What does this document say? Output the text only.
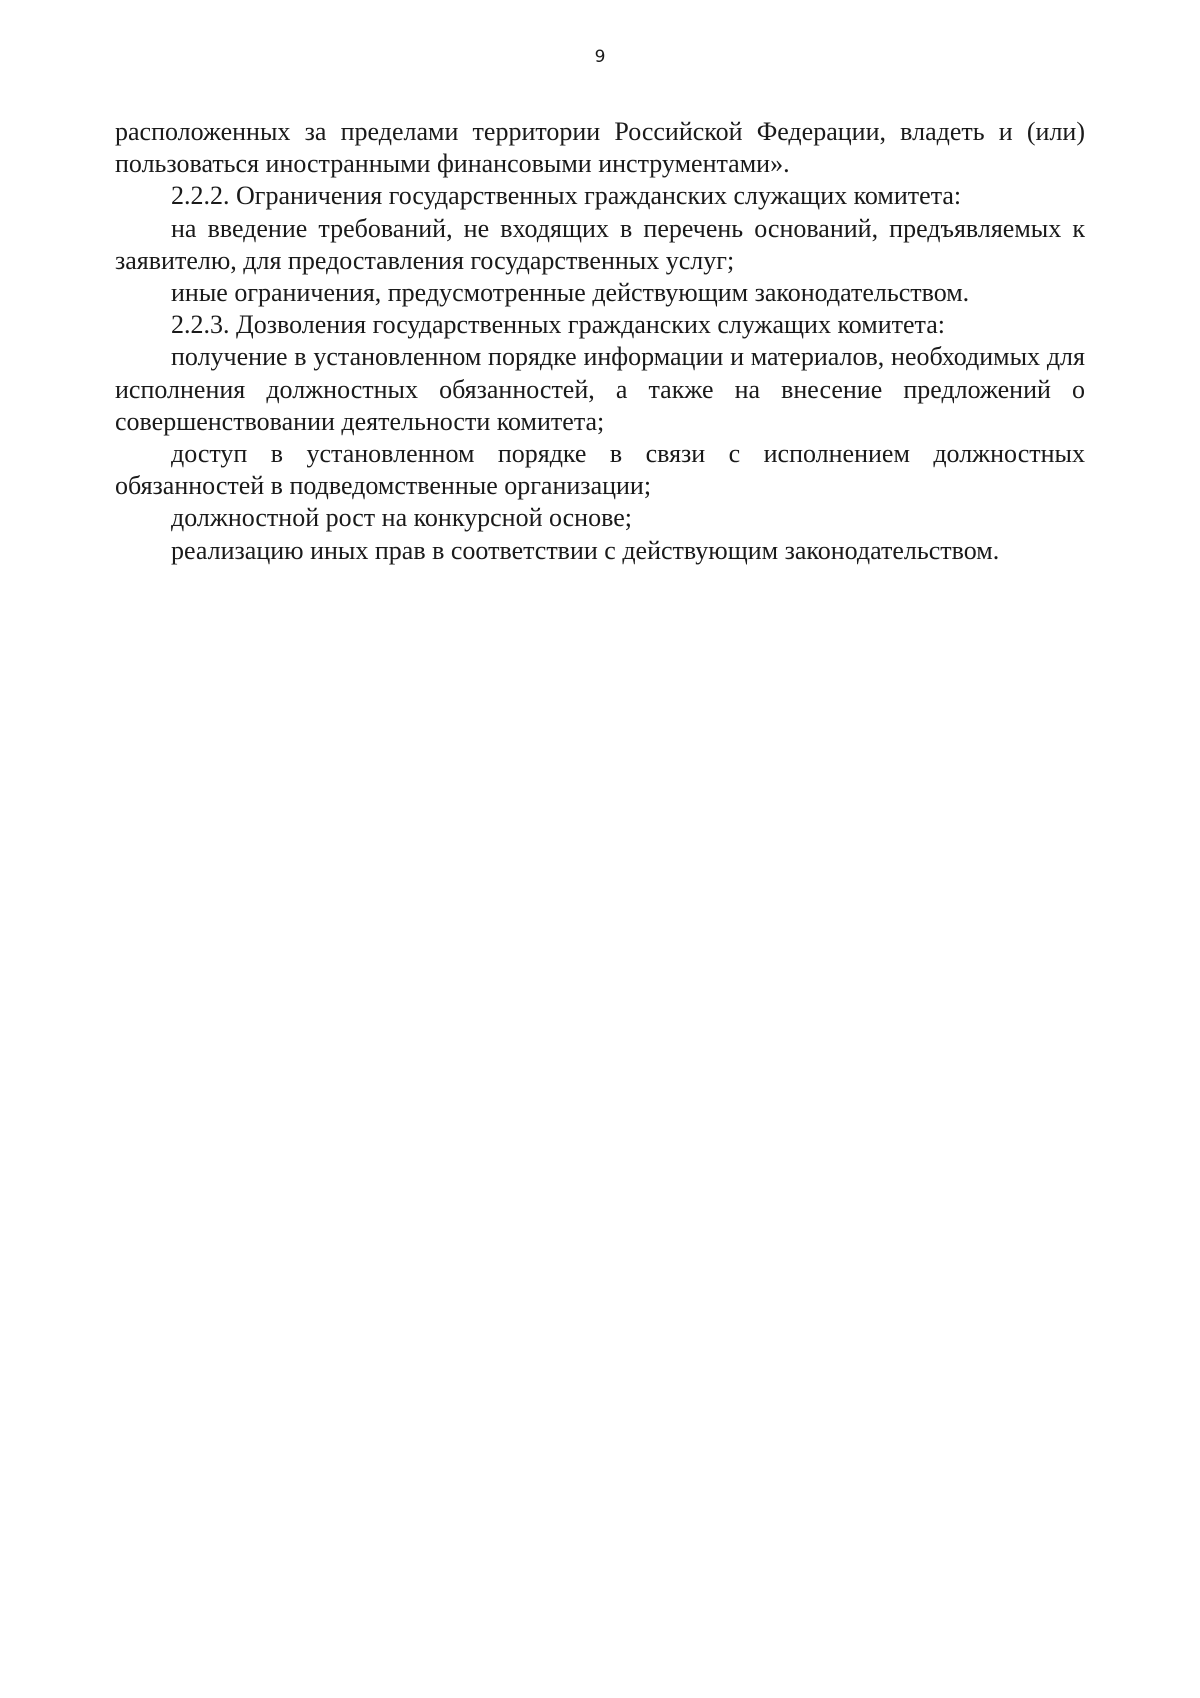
9

расположенных за пределами территории Российской Федерации, владеть и (или) пользоваться иностранными финансовыми инструментами».

2.2.2. Ограничения государственных гражданских служащих комитета:

на введение требований, не входящих в перечень оснований, предъявляемых к заявителю, для предоставления государственных услуг;

иные ограничения, предусмотренные действующим законодательством.

2.2.3. Дозволения государственных гражданских служащих комитета:

получение в установленном порядке информации и материалов, необходимых для исполнения должностных обязанностей, а также на внесение предложений о совершенствовании деятельности комитета;

доступ в установленном порядке в связи с исполнением должностных обязанностей в подведомственные организации;

должностной рост на конкурсной основе;

реализацию иных прав в соответствии с действующим законодательством.
